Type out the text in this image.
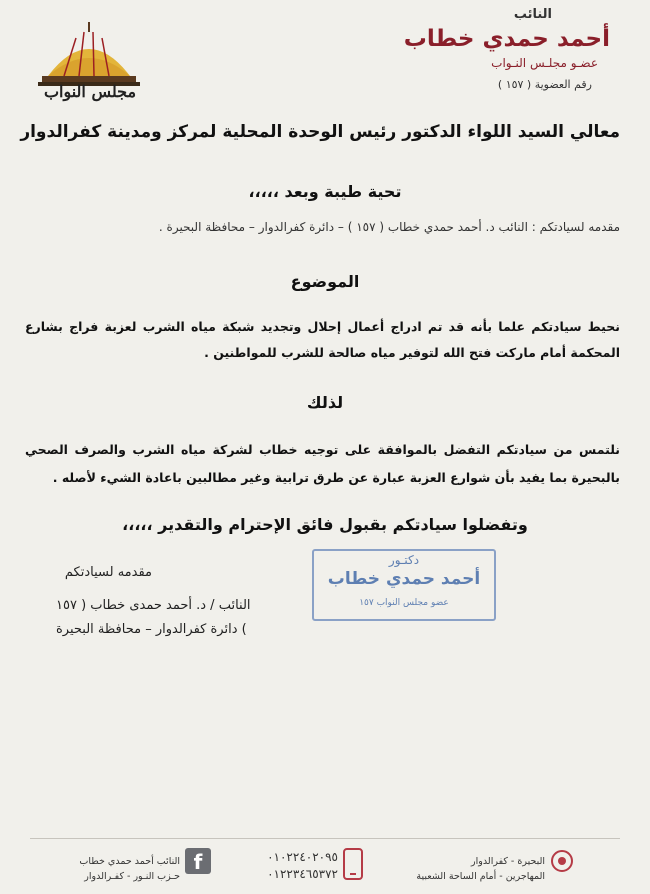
مجلس النواب
النائب
أحمد حمدي خطاب
عضـو مجلـس النـواب
رقم العضوية ( ١٥٧ )
معالي السيد اللواء الدكتور رئيس الوحدة المحلية لمركز ومدينة كفرالدوار
تحية طيبة وبعد ،،،،،
مقدمه لسيادتكم : النائب د. أحمد حمدي خطاب ( ١٥٧ ) – دائرة كفرالدوار – محافظة البحيرة .
الموضوع
نحيط سيادتكم علما بأنه قد تم ادراج أعمال إحلال وتجديد شبكة مياه الشرب لعزبة فراج بشارع المحكمة أمام ماركت فتح الله لتوفير مياه صالحة للشرب للمواطنين .
لذلك
نلتمس من سيادتكم التفضل بالموافقة على توجيه خطاب لشركة مياه الشرب والصرف الصحي بالبحيرة بما يفيد بأن شوارع العزبة عبارة عن طرق ترابية وغير مطالبين باعادة الشيء لأصله .
وتفضلوا سيادتكم بقبول فائق الإحترام والتقدير ،،،،،
مقدمه لسيادتكم
النائب / د. أحمد حمدى خطاب ( ١٥٧
) دائرة كفرالدوار – محافظة البحيرة
دكتـور
أحمد حمدي خطاب
عضو مجلس النواب ١٥٧
f
النائب أحمد حمدي خطاب
حـزب النـور - كفـرالدوار
٠١٠٢٢٤٠٢٠٩٥
٠١٢٢٣٤٦٥٣٧٢
البحيرة - كفرالدوار
المهاجرين - أمام الساحة الشعبية
